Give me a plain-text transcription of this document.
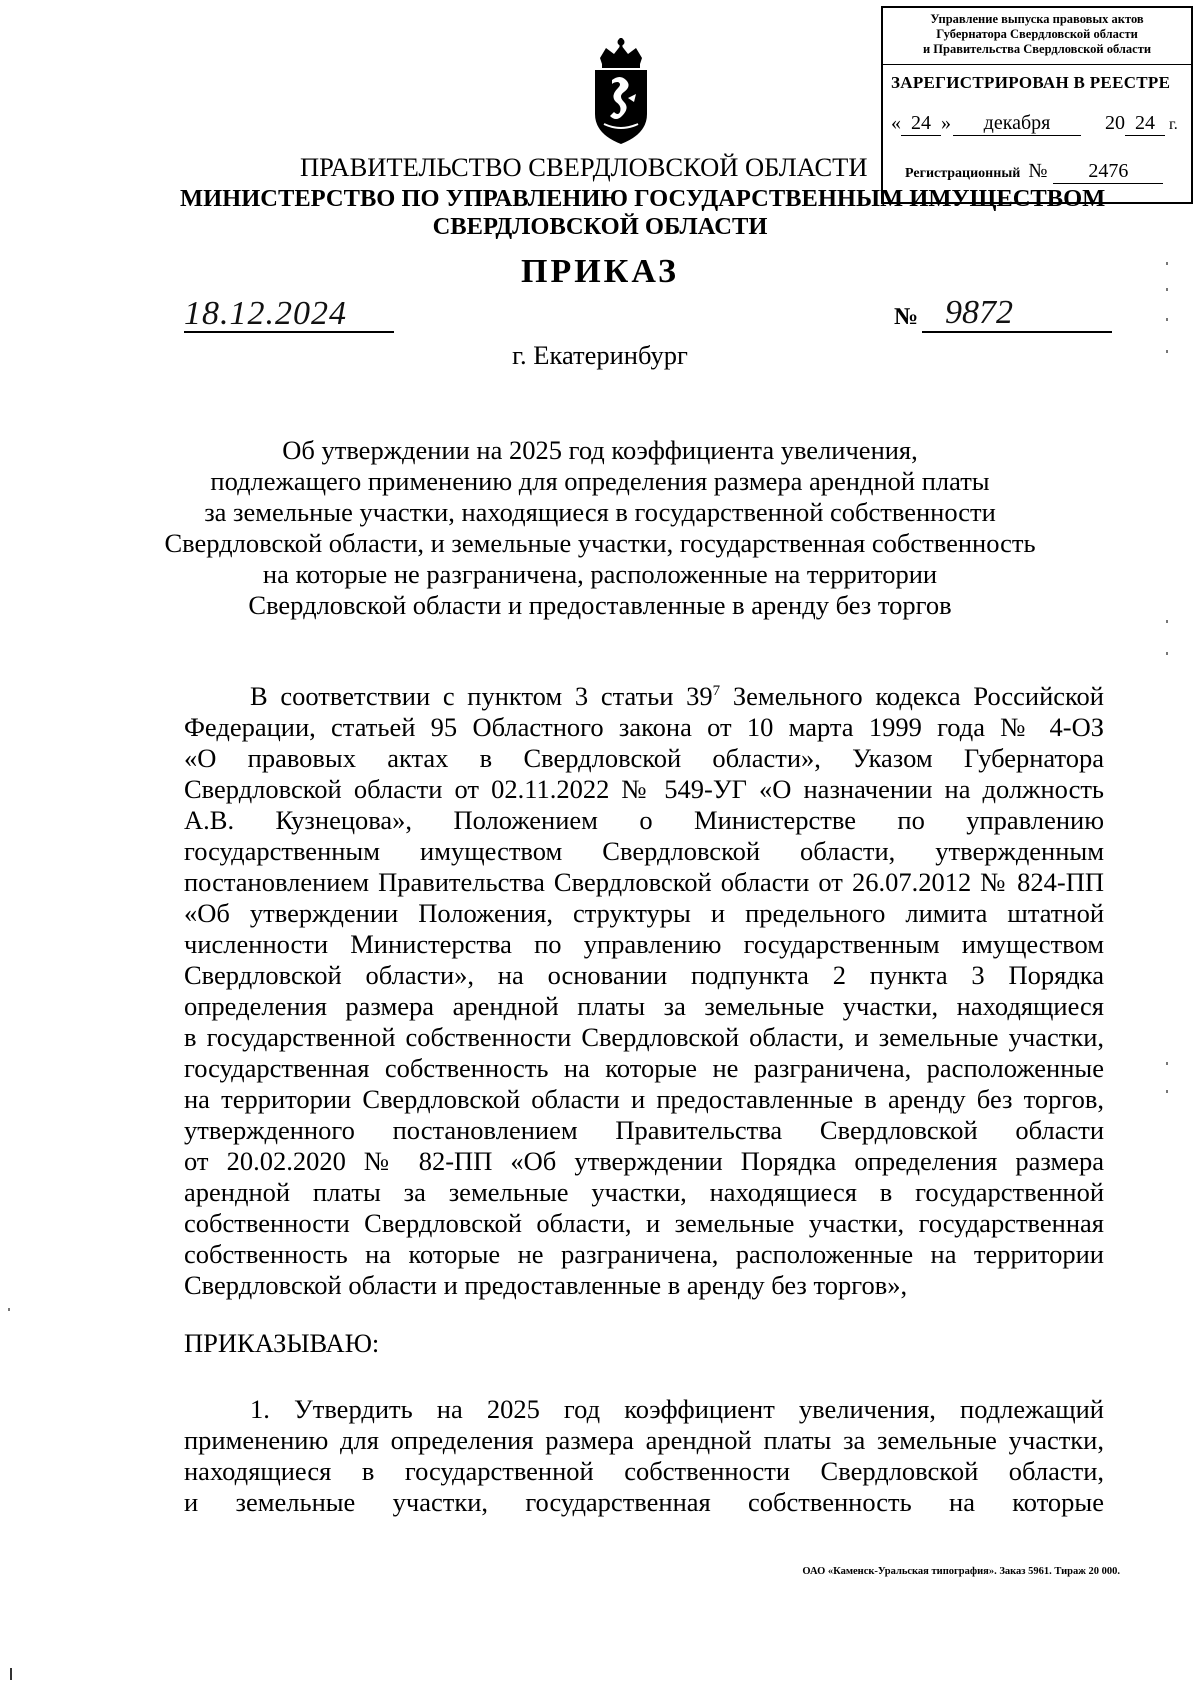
Управление выпуска правовых актов
Губернатора Свердловской области
и Правительства Свердловской области
ЗАРЕГИСТРИРОВАН В РЕЕСТРЕ
« 24 » декабря	20 24 г.
Регистрационный № 2476
ПРАВИТЕЛЬСТВО СВЕРДЛОВСКОЙ ОБЛАСТИ
МИНИСТЕРСТВО ПО УПРАВЛЕНИЮ ГОСУДАРСТВЕННЫМ ИМУЩЕСТВОМ
СВЕРДЛОВСКОЙ ОБЛАСТИ
ПРИКАЗ
18.12.2024	№ 9872
г. Екатеринбург
Об утверждении на 2025 год коэффициента увеличения,
подлежащего применению для определения размера арендной платы
за земельные участки, находящиеся в государственной собственности
Свердловской области, и земельные участки, государственная собственность
на которые не разграничена, расположенные на территории
Свердловской области и предоставленные в аренду без торгов
В соответствии с пунктом 3 статьи $39^7$ Земельного кодекса Российской
Федерации, статьей 95 Областного закона от 10 марта 1999 года № 4-ОЗ
«О правовых актах в Свердловской области», Указом Губернатора
Свердловской области от 02.11.2022 № 549-УГ «О назначении на должность
А.В. Кузнецова», Положением о Министерстве по управлению
государственным имуществом Свердловской области, утвержденным
постановлением Правительства Свердловской области от 26.07.2012 № 824-ПП
«Об утверждении Положения, структуры и предельного лимита штатной
численности Министерства по управлению государственным имуществом
Свердловской области», на основании подпункта 2 пункта 3 Порядка
определения размера арендной платы за земельные участки, находящиеся
в государственной собственности Свердловской области, и земельные участки,
государственная собственность на которые не разграничена, расположенные
на территории Свердловской области и предоставленные в аренду без торгов,
утвержденного постановлением Правительства Свердловской области
от 20.02.2020 № 82-ПП «Об утверждении Порядка определения размера
арендной платы за земельные участки, находящиеся в государственной
собственности Свердловской области, и земельные участки, государственная
собственность на которые не разграничена, расположенные на территории
Свердловской области и предоставленные в аренду без торгов»,
ПРИКАЗЫВАЮ:
1. Утвердить на 2025 год коэффициент увеличения, подлежащий
применению для определения размера арендной платы за земельные участки,
находящиеся в государственной собственности Свердловской области,
и земельные участки, государственная собственность на которые
ОАО «Каменск-Уральская типография». Заказ 5961. Тираж 20 000.
